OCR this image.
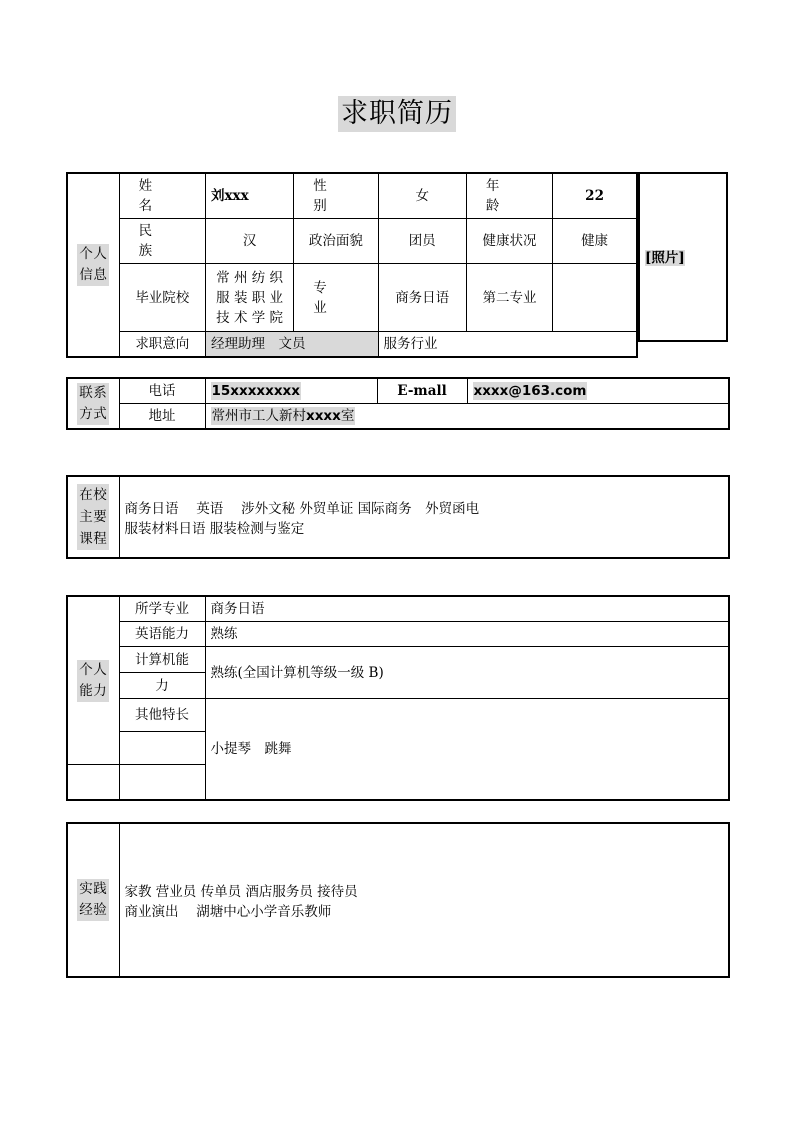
求职简历
个人
信息	姓　　名	刘xxx	性　　别	女	年　　龄	22

	民　　族	汉	政治面貌	团员	健康状况	健康
	毕业院校	常 州 纺 织
服 装 职 业
技 术 学 院	专　　业	商务日语	第二专业	
	求职意向	经理助理　文员		服务行业		
[照片]
联系
方式	电话	15xxxxxxxx	E-mall	xxxx@163.com	
	地址	常州市工人新村xxxx室			
在校
主要
课程

商务日语　 英语　 涉外文秘 外贸单证 国际商务　外贸函电
服装材料日语 服装检测与鉴定
个人
能力	所学专业	商务日语	
	英语能力	熟练	
	计算机能	熟练(全国计算机等级一级 B)	
	力		
	其他特长	小提琴　跳舞	

实践
经验

家教 营业员 传单员 酒店服务员 接待员
商业演出　 湖塘中心小学音乐教师
